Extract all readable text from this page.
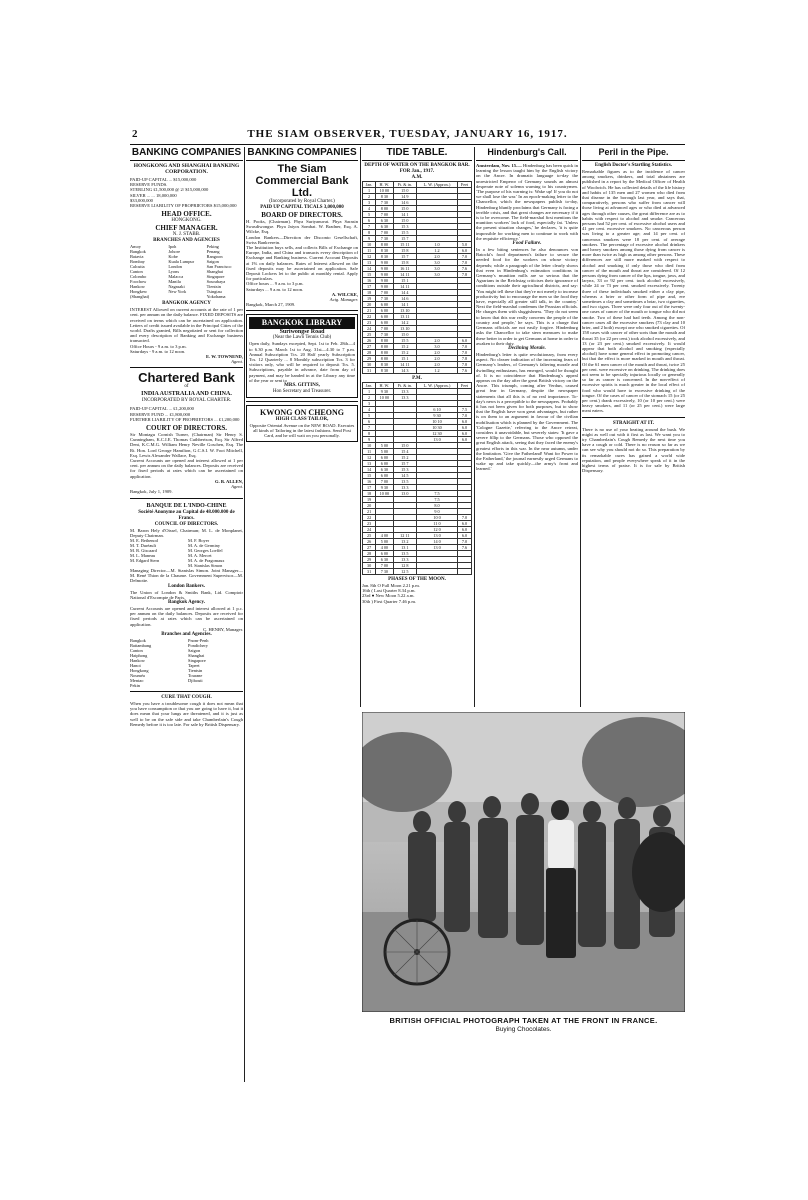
2	THE SIAM OBSERVER, TUESDAY, JANUARY 16, 1917.
BANKING COMPANIES
HONGKONG AND SHANGHAI BANKING CORPORATION.
PAID-UP CAPITAL ... $15,000,000
RESERVE FUNDS.
STERLING £1,500,000 @ 2/ $15,000,000
SILVER ... ... 18,000,000
$33,000,000
RESERVE LIABILITY OF PROPRIETORS $15,000,000
HEAD OFFICE.
HONGKONG.
CHIEF MANAGER.
N. J. STABB.
BRANCHES AND AGENCIES
Amoy	Ipoh	Peking
Bangkok	Johore	Penang
Batavia	Kobe	Rangoon
Bombay	Kuala Lumpur	Saigon
Calcutta	London	San Francisco
Canton	Lyons	Shanghai
Colombo	Malacca	Singapore
Foochow	Manila	Sourabaya
Hankow	Nagasaki	Tientsin
Hongkew	New York	Tsingtau
(Shanghai)	Yokohama
BANGKOK AGENCY
INTEREST Allowed on current accounts at the rate of 1 per cent. per annum on the daily balance. FIXED DEPOSITS are received on terms which can be ascertained on application. Letters of credit issued available in the Principal Cities of the world. Drafts granted, Bills negotiated or sent for collection and every description of Banking and Exchange business transacted.
Office Hours - 9 a.m. to 3 p.m.
Saturdays - 9 a.m. to 12 noon.
E. W. TOWNEND,
Agent.
Chartered Bank
of
INDIA AUSTRALIA AND CHINA.
INCORPORATED BY ROYAL CHARTER.
PAID-UP CAPITAL ... £1,200,000
RESERVE FUND ... £1,800,000
FURTHER LIABILITY OF PROPRIETORS ... £1,200,000
COURT OF DIRECTORS.
Sir Montagu Cornish Turner, (Chairman) Sir Henry S. Cunningham, K.C.I.E. Thomas Cuthbertson, Esq. Sir Alfred Dent, K.C.M.G. William Henry Neville Goschen, Esq. The Rt. Hon. Lord George Hamilton, G.C.S.I. W. Foot Mitchell, Esq. Lewis Alexander Wallace, Esq.
Current Accounts are opened and interest allowed at 1 per cent. per annum on the daily balances. Deposits are received for fixed periods at rates which can be ascertained on application.
G. B. ALLEN,
Agent.
Bangkok, July 1, 1909.
BANQUE DE L'INDO-CHINE
Société Anonyme au Capital de 48.000.000 de Francs.
COUNCIL OF DIRECTORS.
M. Baron Hely d'Oissel, Chairman; M. L. de Monplanet, Deputy Chairman.
M. E. Bethenod	M. F. Boyer
M. T. Duréault	M. A. de Germiny
M. R. Giscaard	M. Georges Loeffel
M. L. Maneau	M. A. Mercet
M. Edgard Stern	M. A. de Pragomaux
M. Stanislas Simon
Managing Director—M. Stanislas Simon. Joint Manager—M. René Thion de la Chaume. Government Supervisor—M. Delmotte.
London Bankers.
The Union of London & Smiths Bank, Ltd. Comptoir National d'Escompte de Paris.
Bangkok Agency.
Current Accounts are opened and interest allowed at 1 p.c. per annum on the daily balances. Deposits are received for fixed periods at rates which can be ascertained on application.
C. HENRY, Manager.
Branches and Agencies.
Bangkok	Pnom-Penh
Battambang	Pondichery
Canton	Saigon
Haiphong	Shanghai
Hankow	Singapore
Hanoi	Tapeet
Hongkong	Tientsin
Nouméa	Tourane
Mentao	Djibouti
Pekin
CURE THAT COUGH.
When you have a troublesome cough it does not mean that you have consumption or that you are going to have it, but it does mean that your lungs are threatened, and it is just as well to be on the safe side and take Chamberlain's Cough Remedy before it is too late. For sale by British Dispensary.
BANKING COMPANIES
The Siam Commercial Bank Ltd.
(Incorporated by Royal Charter.)
PAID UP CAPITAL TICALS 3,000,000
BOARD OF DIRECTORS.
H. Pooks, (Chairman). Phya Suriyanuvat. Phya Sarasin Swasdiwongse. Phya Jaiyos Sombat. W. Bradner, Esq. A. Wilcke, Esq.
London Bankers—Direction der Disconto Gesellschaft, Swiss Bankverein.
The Institution buys sells, and collects Bills of Exchange on Europe, India, and China and transacts every description of Exchange and Banking business. Current Account Deposits at 1% on daily balances. Rates of Interest allowed on the fixed deposits may be ascertained on application. Safe Deposit Lockers let to the public at monthly rental. Apply for particulars.
Office hours ... 9 a.m. to 3 p.m.
Saturdays ... 9 a.m. to 12 noon.
A. WILCKE,
Actg. Manager.
Bangkok, March 27, 1909.
BANGKOK LIBRARY
Suriwongse Road
(Near the Lawn Tennis Club)
Open daily, Sundays excepted, Sept. 1st to Feb. 28th—4 to 6.30 p.m. March 1st to Aug. 31st—4.30 to 7 p.m. Annual Subscription Tcs. 20 Half yearly Subscription Tcs. 12 Quarterly ... 8 Monthly subscription Tcs. 3 for visitors only, who will be required to deposit Tcs. 5. Subscriptions, payable in advance, date from day of payment, and may be handed in at the Library any time of the year or sent to
MRS. GITTINS,
Hon Secretary and Treasurer.
KWONG ON CHEONG
HIGH CLASS TAILOR,
Opposite Oriental Avenue on the NEW ROAD. Executes all kinds of Tailoring in the latest fashions. Send Post Card, and he will wait on you personally.
TIDE TABLE.
DEPTH OF WATER ON THE BANGKOK BAR.
FOR Jan., 1917.
A.M.
Jan.	H. W.	Ft. & in.	L. W. (Approx.)	Feet
1	10 00	15 0		
2	8 30	14 9		
3	7 30	14 6		
4	8 00	15 0		
5	7 00	14 1		
6	6 30	15 0		
7	6 30	15 3		
8	7 00	15 5		
9	7 30	15 7		
10	8 00	15 11	1.0	5.0
11	8 30	15 8	1.2	6.0
12	8 30	15 7	2.0	7.0
13	9 00	15 8	3.0	7.0
14	9 00	16 11	3.0	7.6
15	9 00	14 11	3.0	7.8
16	9 00	15 1		
17	9 00	14 11		
18	7 00	14 4		
19	7 30	14 6		
20	6 00	14 1		
21	6 00	13 10		
22	6 00	13 11		
23	6 00	14 2		
24	7 00	13 10		
25	7 30	15 0		
26	8 00	15 5	2.0	6.0
27	8 00	15 2	3.0	7.0
28	8 00	15 2	2.0	7.0
29	8 00	15 1	2.0	7.8
30	8 30	14 11	2.0	7.8
31	8 30	14 3	1.2	7.6
P.M.
Jan.	H. W.	Ft. & in.	L. W. (Approx.)	Feet
1	9 30	13 3		
2	10 00	13 3		
3				
4			6 10	7.5
5			9 30	7.0
6			10 10	6.0
7			10 30	6.0
8			12 30	6.0
9			13 0	6.0
10	5 00	15 0		
11	5 00	15 4		
12	6 00	15 2		
13	6 00	15 7		
14	6 30	15 3		
15	6 00	14 5		
16	7 00	13 5		
17	9 30	13 3		
18	10 00	13 0	7.5	
19			7.5	
20			8.0	
21			9 0	
22			10 0	7.0
23			11 0	6.0
24			12 0	6.0
25	4 00	12 11	13 0	6.0
26	5 00	13 2	14 0	7.0
27	4 00	13 1	13 0	7.6
28	6 00	13 5		
29	6 30	13 3		
30	7 00	12 8		
31	7 30	12 5		
PHASES OF THE MOON.
Jan. 8th O Full Moon 2.21 p.m.
16th ( Last Quarter 8.34 p.m.
23rd ● New Moon 5.22 a.m.
30th ) First Quarter 7.46 p.m.
Hindenburg's Call.
Amsterdam, Nov. 15.— Hindenburg has been quick in learning the lesson taught him by the English victory on the Ancre. In dramatic language to-day the unrestricted Emperor of Germany sounds an almost desperate note of solemn warning to his countrymen. 'The purpose of his warning is: Wake up! If you do not we shall lose the war.' In an epoch-making letter to the Chancellor, which the newspapers publish to-day, Hindenburg bluntly proclaims that Germany is facing a terrible crisis, and that great changes are necessary if it is to be overcome. The field-marshal first mentions the munition workers' lack of food, especially fat. 'Unless the present situation changes,' he declares, 'it is quite impossible for working men to continue to work with the requisite efficiency.'
Food Failure.
In a few biting sentences he also denounces von Batocki's food department's failure to secure the needed food for the workers on whose victory depends; while a paragraph of the letter clearly shows that even in Hindenburg's estimation conditions in Germany's munition mills are so serious that the Agrarians in the Reichstag criticises their ignorance of conditions outside their agricultural districts, and say: 'You might tell these that they're not merely to increase productivity but to encourage the men so the food they have, especially all greater still talk, in the country.' Next the field-marshal condemns the Prussian officials. He charges them with sluggishness. 'They do not seem to know that this war really concerns the people of the country and people,' he says. This is a charge that Germans officials are not easily forgive. Hindenburg asks the Chancellor to take stern measures to make these better in order to get Germans at home in order to awaken to their duty.
Declining Morale.
Hindenburg's letter is quite revolutionary, from every aspect. No clearer indication of the increasing fears of Germany's leaders, of Germany's faltering morale and dwindling enthusiasm, has emerged, would be thought of. It is no coincidence that Hindenburg's appeal appears on the day after the great British victory on the Ancre. This triumph, coming after Verdun, caused great fear in Germany, despite the newspaper statements that all this is of no real importance. To-day's news is a perceptible to the newspapers. Probably it has not been given for both purposes, but to show that the English have won great advantages, but rather is on them to an argument in favour of the civilian mobilisation which is planned by the Government. The 'Cologne Gazette,' referring to the Ancre retreat, considers it unavoidable, but severely states: 'It gave a severe fillip to the Germans. Those who opposed the great English attack, seeing that they faced the enemy's greatest efforts in this war. In the near autumn, under the limitation. 'Give the Fatherland! Want for Power to the Fatherland,' the journal earnestly urged Germans to wake up and take quickly—the army's front and learned.'
Peril in the Pipe.
English Doctor's Startling Statistics.
Remarkable figures as to the incidence of cancer among smokers, drinkers, and total abstainers are published in a report by the Medical Officer of Health of Woolwich. He has collected details of the life history and habits of 135 men and 27 women who died from that disease in the borough last year, and says that, comparatively, persons who suffer from cancer will those living at advanced ages or who died at advanced ages through other causes, the great difference are as to habits with respect to alcohol and smoke. Cancerous persons had 52 per cent. of excessive alcohol users and 41 per cent. excessive smokers. No cancerous person was living to a greater age; and 14 per cent. of cancerous smokers were 18 per cent. of average smokers. The percentage of excessive alcohol drinkers and heavy smokers among those dying from cancer is more than twice as high as among other persons. These differences are still more marked with respect to alcohol and smoking if only those who died from cancer of the mouth and throat are considered. Of 12 persons dying from cancer of the lips, tongue, jaws, and larynx, 33 or 92 per cent. took alcohol excessively, while 24 or 73 per cent. smoked excessively. Twenty three of these individuals smoked either a clay pipe, whereas a brier or other form of pipe and, ere sometimes a clay and sometimes a briar, two cigarettes, and two cigars. Three were only four out of the twenty-one cases of cancer of the mouth or tongue who did not smoke. Two of these had bad teeth. Among the non-cancer cases all the excessive smokers (73 clay and 10 brier, and 2 both) except one who smoked cigarettes. Of 158 cases with cancer of other sorts than the mouth and throat 35 (or 22 per cent.) took alcohol excessively, and 13 (or 23 per cent.) smoked excessively. It would appear that both alcohol and smoking (especially alcohol) have some general effect in promoting cancer, but that the effect is more marked in mouth and throat. Of the 61 men cancer of the mouth and throat, twice 25 per cent. were excessive on drinking. The drinking does not seem to be specially injurious locally or generally so far as cancer is concerned. In the non-effect of excessive spirits is much greater in the local effect of food who would have to excessive drinking of the tongue. Of the cases of cancer of the stomach 15 (or 25 per cent.) drank excessively, 10 (or 10 per cent.) were heavy smokers, and 11 (or 25 per cent.) were large meat eaters.
STRAIGHT AT IT.
There is no use of your beating around the bush. We might as well out with it first as last. We want you to try Chamberlain's Cough Remedy the next time you have a cough or cold. There is no reason so far as we can see why you should not do so. This preparation by its remarkable cures has gained a world wide reputation, and people everywhere speak of it in the highest terms of praise. It is for sale by British Dispensary.
BRITISH OFFICIAL PHOTOGRAPH TAKEN AT THE FRONT IN FRANCE.
Buying Chocolates.
